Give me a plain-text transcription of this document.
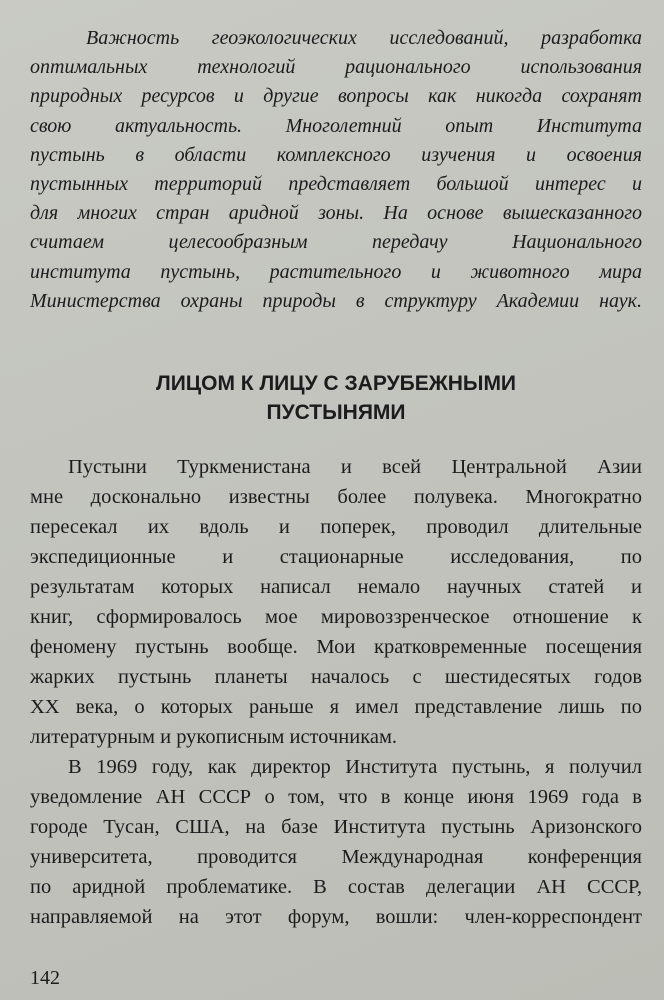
Важность геоэкологических исследований, разработка
оптимальных технологий рационального использования
природных ресурсов и другие вопросы как никогда сохранят
свою актуальность. Многолетний опыт Института
пустынь в области комплексного изучения и освоения
пустынных территорий представляет большой интерес и
для многих стран аридной зоны. На основе вышесказанного
считаем целесообразным передачу Национального
института пустынь, растительного и животного мира
Министерства охраны природы в структуру Академии наук.
ЛИЦОМ К ЛИЦУ С ЗАРУБЕЖНЫМИ
ПУСТЫНЯМИ
Пустыни Туркменистана и всей Центральной Азии
мне досконально известны более полувека. Многократно
пересекал их вдоль и поперек, проводил длительные
экспедиционные и стационарные исследования, по
результатам которых написал немало научных статей и
книг, сформировалось мое мировоззренческое отношение к
феномену пустынь вообще. Мои кратковременные посещения
жарких пустынь планеты началось с шестидесятых годов
XX века, о которых раньше я имел представление лишь по
литературным и рукописным источникам.
В 1969 году, как директор Института пустынь, я получил
уведомление АН СССР о том, что в конце июня 1969 года в
городе Тусан, США, на базе Института пустынь Аризонского
университета, проводится Международная конференция
по аридной проблематике. В состав делегации АН СССР,
направляемой на этот форум, вошли: член-корреспондент
142
